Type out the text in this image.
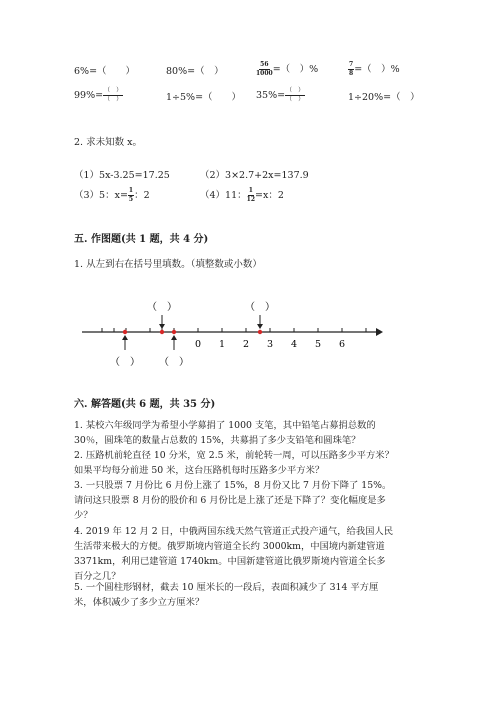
6%=（　　）	80%=（　）	$\frac{56}{1000}$ =（　）%	$\frac{7}{8}$ =（　）%
$99\%= \frac{( )}{( )}$	1÷5%=（　　） $35\%= \frac{( )}{( )}$	1÷20%=（　）
2. 求未知数 x。
（1）5x-3.25=17.25	（2）3×2.7+2x=137.9
（3）5：$x= \frac{1}{5}$ ：2	（4）11： $\frac{1}{12} =x$：2
五. 作图题(共 1 题，共 4 分)
1. 从左到右在括号里填数。（填整数或小数）
0 1 2 3 4 5 6
（　）	（　）
（　） （　）
六. 解答题(共 6 题，共 35 分)
1. 某校六年级同学为希望小学募捐了 1000 支笔，其中铅笔占募捐总数的 30％，圆珠笔的数量占总数的 15%，共募捐了多少支铅笔和圆珠笔？
2. 压路机前轮直径 10 分米，宽 2.5 米，前轮转一周，可以压路多少平方米？如果平均每分前进 50 米，这台压路机每时压路多少平方米？
3. 一只股票 7 月份比 6 月份上涨了 15%，8 月份又比 7 月份下降了 15%。请问这只股票 8 月份的股价和 6 月份比是上涨了还是下降了？变化幅度是多少？
4. 2019 年 12 月 2 日，中俄两国东线天然气管道正式投产通气，给我国人民生活带来极大的方便。俄罗斯境内管道全长约 3000km，中国境内新建管道 3371km，利用已建管道 1740km。中国新建管道比俄罗斯境内管道全长多百分之几？
5. 一个圆柱形钢材，截去 10 厘米长的一段后，表面积减少了 314 平方厘米，体积减少了多少立方厘米？
